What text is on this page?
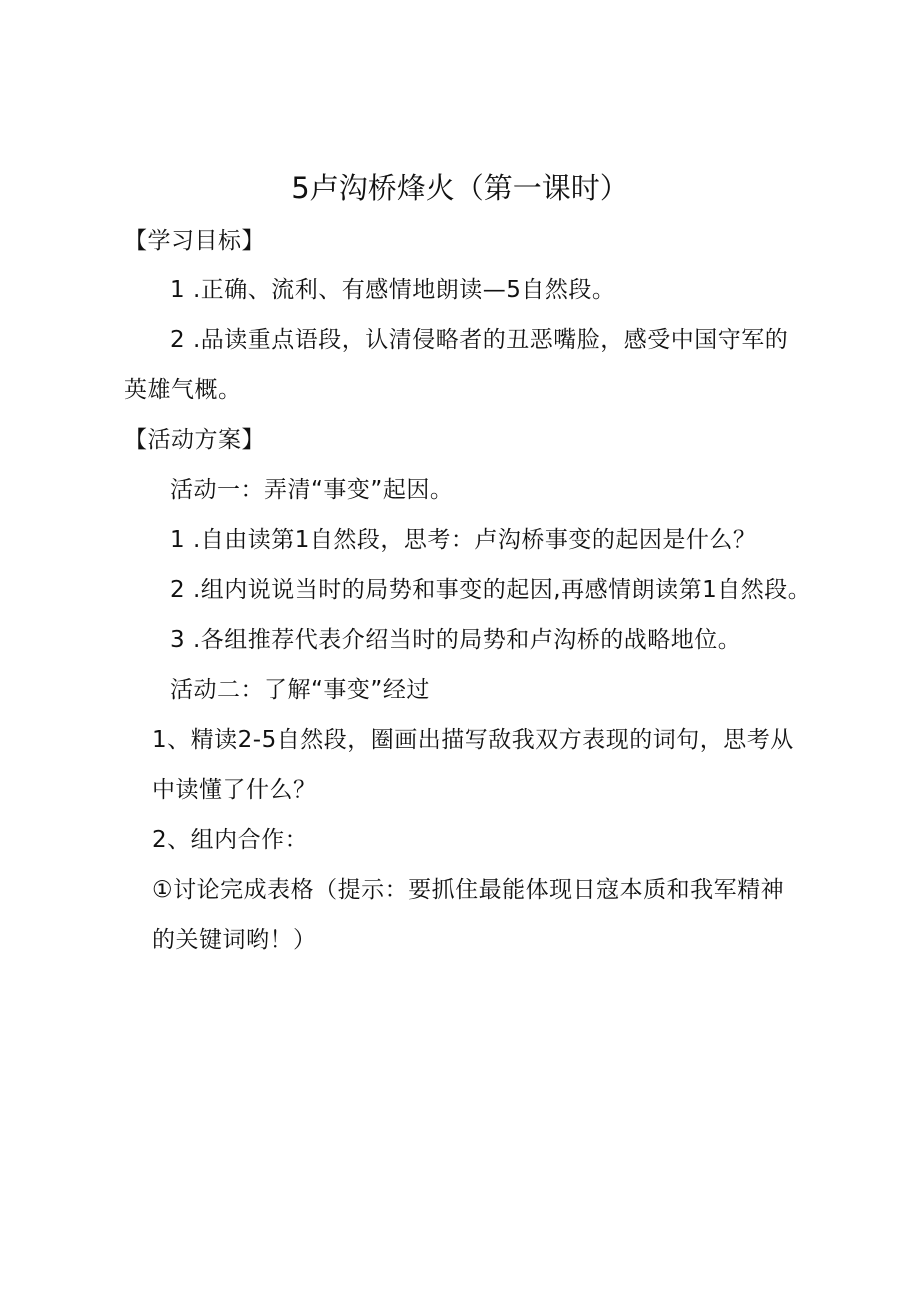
5卢沟桥烽火（第一课时）
【学习目标】
1 .正确、流利、有感情地朗读—5自然段。
2 .品读重点语段，认清侵略者的丑恶嘴脸，感受中国守军的
英雄气概。
【活动方案】
活动一：弄清“事变”起因。
1 .自由读第1自然段，思考：卢沟桥事变的起因是什么？
2 .组内说说当时的局势和事变的起因,再感情朗读第1自然段。
3 .各组推荐代表介绍当时的局势和卢沟桥的战略地位。
活动二：了解“事变”经过
1、精读2-5自然段，圈画出描写敌我双方表现的词句，思考从
中读懂了什么？
2、组内合作：
①讨论完成表格（提示：要抓住最能体现日寇本质和我军精神
的关键词哟！）
